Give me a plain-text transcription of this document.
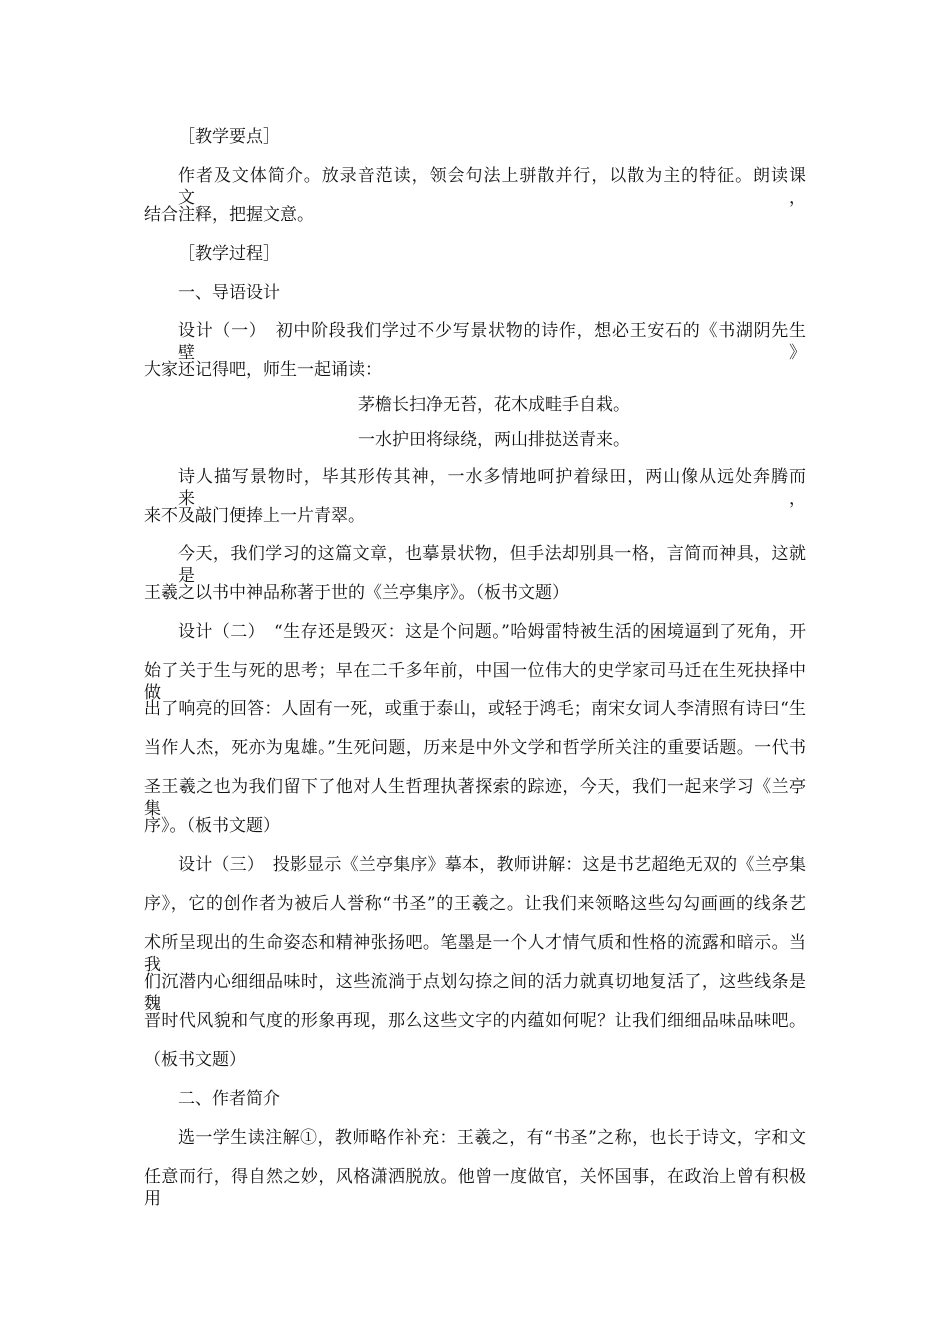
［教学要点］
作者及文体简介。放录音范读，领会句法上骈散并行，以散为主的特征。朗读课文，
结合注释，把握文意。
［教学过程］
一、导语设计
设计（一）　初中阶段我们学过不少写景状物的诗作，想必王安石的《书湖阴先生壁》
大家还记得吧，师生一起诵读：
茅檐长扫净无苔，花木成畦手自栽。
一水护田将绿绕，两山排挞送青来。
诗人描写景物时，毕其形传其神，一水多情地呵护着绿田，两山像从远处奔腾而来，
来不及敲门便捧上一片青翠。
今天，我们学习的这篇文章，也摹景状物，但手法却别具一格，言简而神具，这就是
王羲之以书中神品称著于世的《兰亭集序》。（板书文题）
设计（二）　“生存还是毁灭：这是个问题。”哈姆雷特被生活的困境逼到了死角，开
始了关于生与死的思考；早在二千多年前，中国一位伟大的史学家司马迁在生死抉择中做
出了响亮的回答：人固有一死，或重于泰山，或轻于鸿毛；南宋女词人李清照有诗曰“生
当作人杰，死亦为鬼雄。”生死问题，历来是中外文学和哲学所关注的重要话题。一代书
圣王羲之也为我们留下了他对人生哲理执著探索的踪迹，今天，我们一起来学习《兰亭集
序》。（板书文题）
设计（三）　投影显示《兰亭集序》摹本，教师讲解：这是书艺超绝无双的《兰亭集
序》，它的创作者为被后人誉称“书圣”的王羲之。让我们来领略这些勾勾画画的线条艺
术所呈现出的生命姿态和精神张扬吧。笔墨是一个人才情气质和性格的流露和暗示。当我
们沉潜内心细细品味时，这些流淌于点划勾捺之间的活力就真切地复活了，这些线条是魏
晋时代风貌和气度的形象再现，那么这些文字的内蕴如何呢？让我们细细品味品味吧。
（板书文题）
二、作者简介
选一学生读注解①，教师略作补充：王羲之，有“书圣”之称，也长于诗文，字和文
任意而行，得自然之妙，风格潇洒脱放。他曾一度做官，关怀国事，在政治上曾有积极用
